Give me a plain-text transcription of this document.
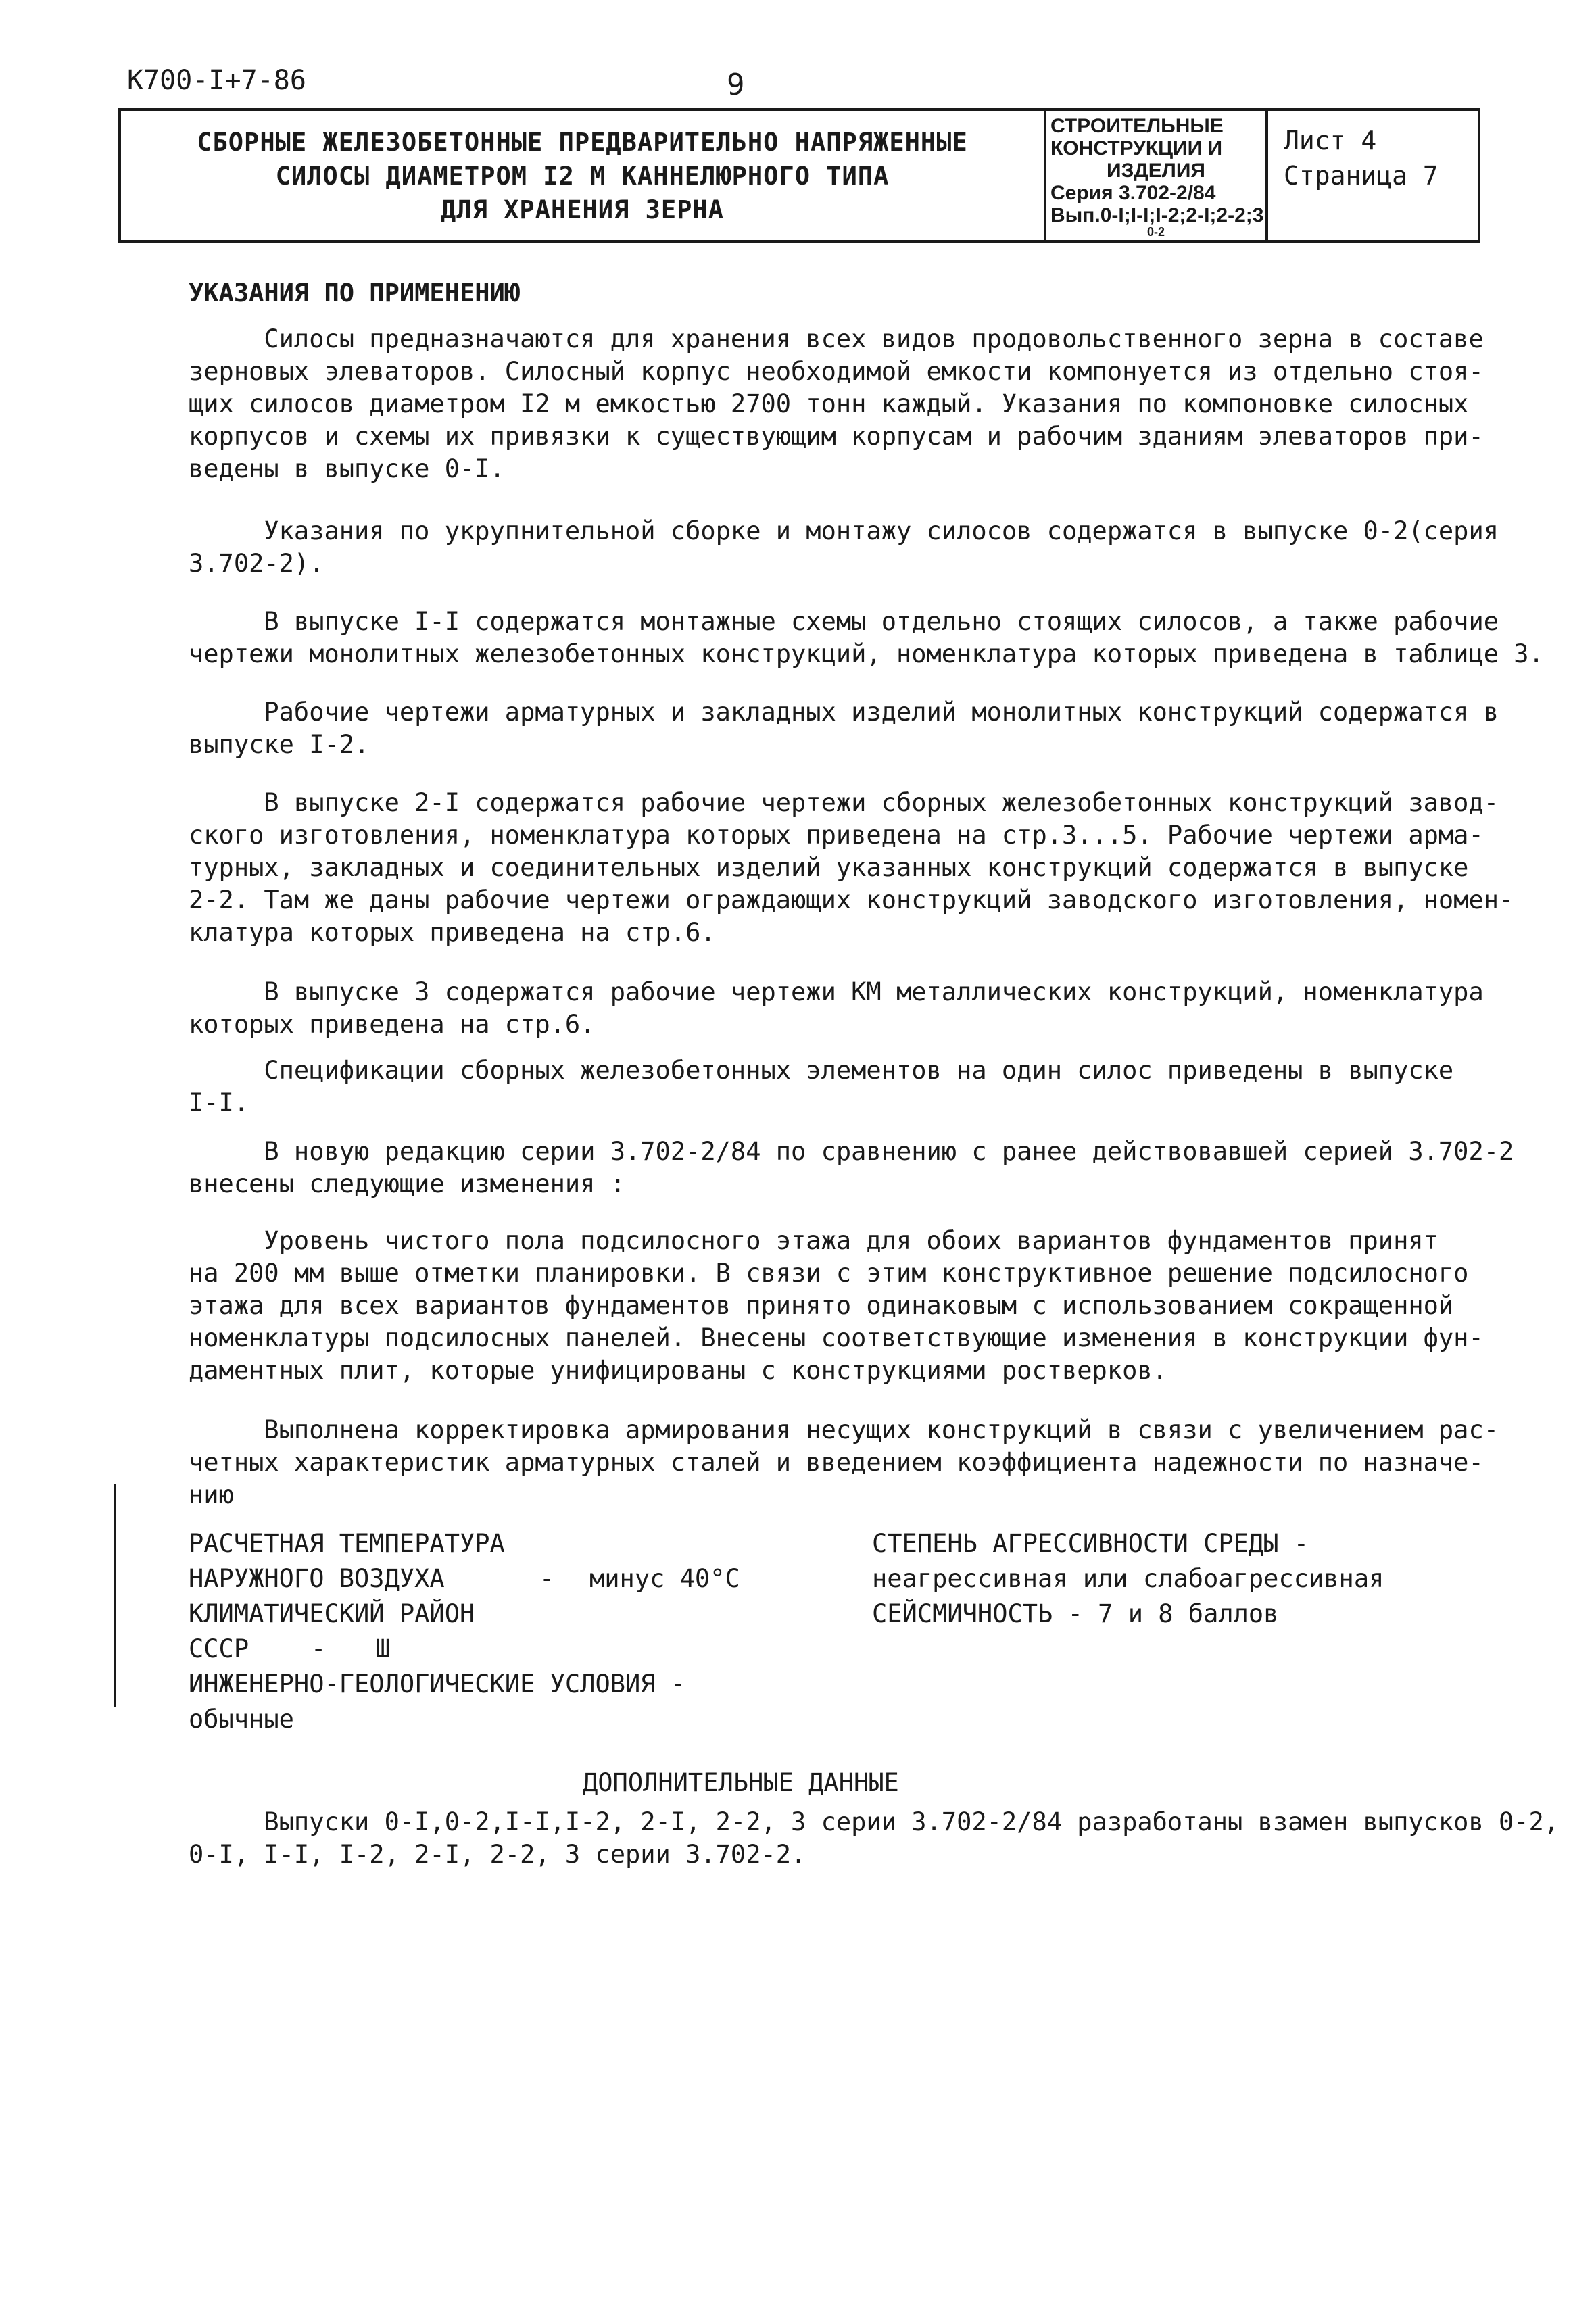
К700-I+7-86	9
СБОРНЫЕ ЖЕЛЕЗОБЕТОННЫЕ ПРЕДВАРИТЕЛЬНО НАПРЯЖЕННЫЕ
СИЛОСЫ ДИАМЕТРОМ I2 М КАННЕЛЮРНОГО ТИПА
ДЛЯ ХРАНЕНИЯ ЗЕРНА
СТРОИТЕЛЬНЫЕ
КОНСТРУКЦИИ И
ИЗДЕЛИЯ
Серия 3.702-2/84
Вып.0-I;I-I;I-2;2-I;2-2;3
0-2
Лист 4
Страница 7
УКАЗАНИЯ ПО ПРИМЕНЕНИЮ
Силосы предназначаются для хранения всех видов продовольственного зерна в составе
зерновых элеваторов. Силосный корпус необходимой емкости компонуется из отдельно стоя-
щих силосов диаметром I2 м емкостью 2700 тонн каждый. Указания по компоновке силосных
корпусов и схемы их привязки к существующим корпусам и рабочим зданиям элеваторов при-
ведены в выпуске 0-I.
Указания по укрупнительной сборке и монтажу силосов содержатся в выпуске 0-2(серия
3.702-2).
В выпуске I-I содержатся монтажные схемы отдельно стоящих силосов, а также рабочие
чертежи монолитных железобетонных конструкций, номенклатура которых приведена в таблице 3.
Рабочие чертежи арматурных и закладных изделий монолитных конструкций содержатся в
выпуске I-2.
В выпуске 2-I содержатся рабочие чертежи сборных железобетонных конструкций завод-
ского изготовления, номенклатура которых приведена на стр.3...5. Рабочие чертежи арма-
турных, закладных и соединительных изделий указанных конструкций содержатся в выпуске
2-2. Там же даны рабочие чертежи ограждающих конструкций заводского изготовления, номен-
клатура которых приведена на стр.6.
В выпуске 3 содержатся рабочие чертежи КМ металлических конструкций, номенклатура
которых приведена на стр.6.
Спецификации сборных железобетонных элементов на один силос приведены в выпуске
I-I.
В новую редакцию серии 3.702-2/84 по сравнению с ранее действовавшей серией 3.702-2
внесены следующие изменения :
Уровень чистого пола подсилосного этажа для обоих вариантов фундаментов принят
на 200 мм выше отметки планировки. В связи с этим конструктивное решение подсилосного
этажа для всех вариантов фундаментов принято одинаковым с использованием сокращенной
номенклатуры подсилосных панелей. Внесены соответствующие изменения в конструкции фун-
даментных плит, которые унифицированы с конструкциями ростверков.
Выполнена корректировка армирования несущих конструкций в связи с увеличением рас-
четных характеристик арматурных сталей и введением коэффициента надежности по назначе-
нию
РАСЧЕТНАЯ ТЕМПЕРАТУРА
НАРУЖНОГО ВОЗДУХА	- минус 40°С
КЛИМАТИЧЕСКИЙ РАЙОН
СССР - Ш
ИНЖЕНЕРНО-ГЕОЛОГИЧЕСКИЕ УСЛОВИЯ -
обычные
СТЕПЕНЬ АГРЕССИВНОСТИ СРЕДЫ -
неагрессивная или слабоагрессивная
СЕЙСМИЧНОСТЬ - 7 и 8 баллов
ДОПОЛНИТЕЛЬНЫЕ ДАННЫЕ
Выпуски 0-I,0-2,I-I,I-2, 2-I, 2-2, 3 серии 3.702-2/84 разработаны взамен выпусков 0-2,
0-I, I-I, I-2, 2-I, 2-2, 3 серии 3.702-2.
